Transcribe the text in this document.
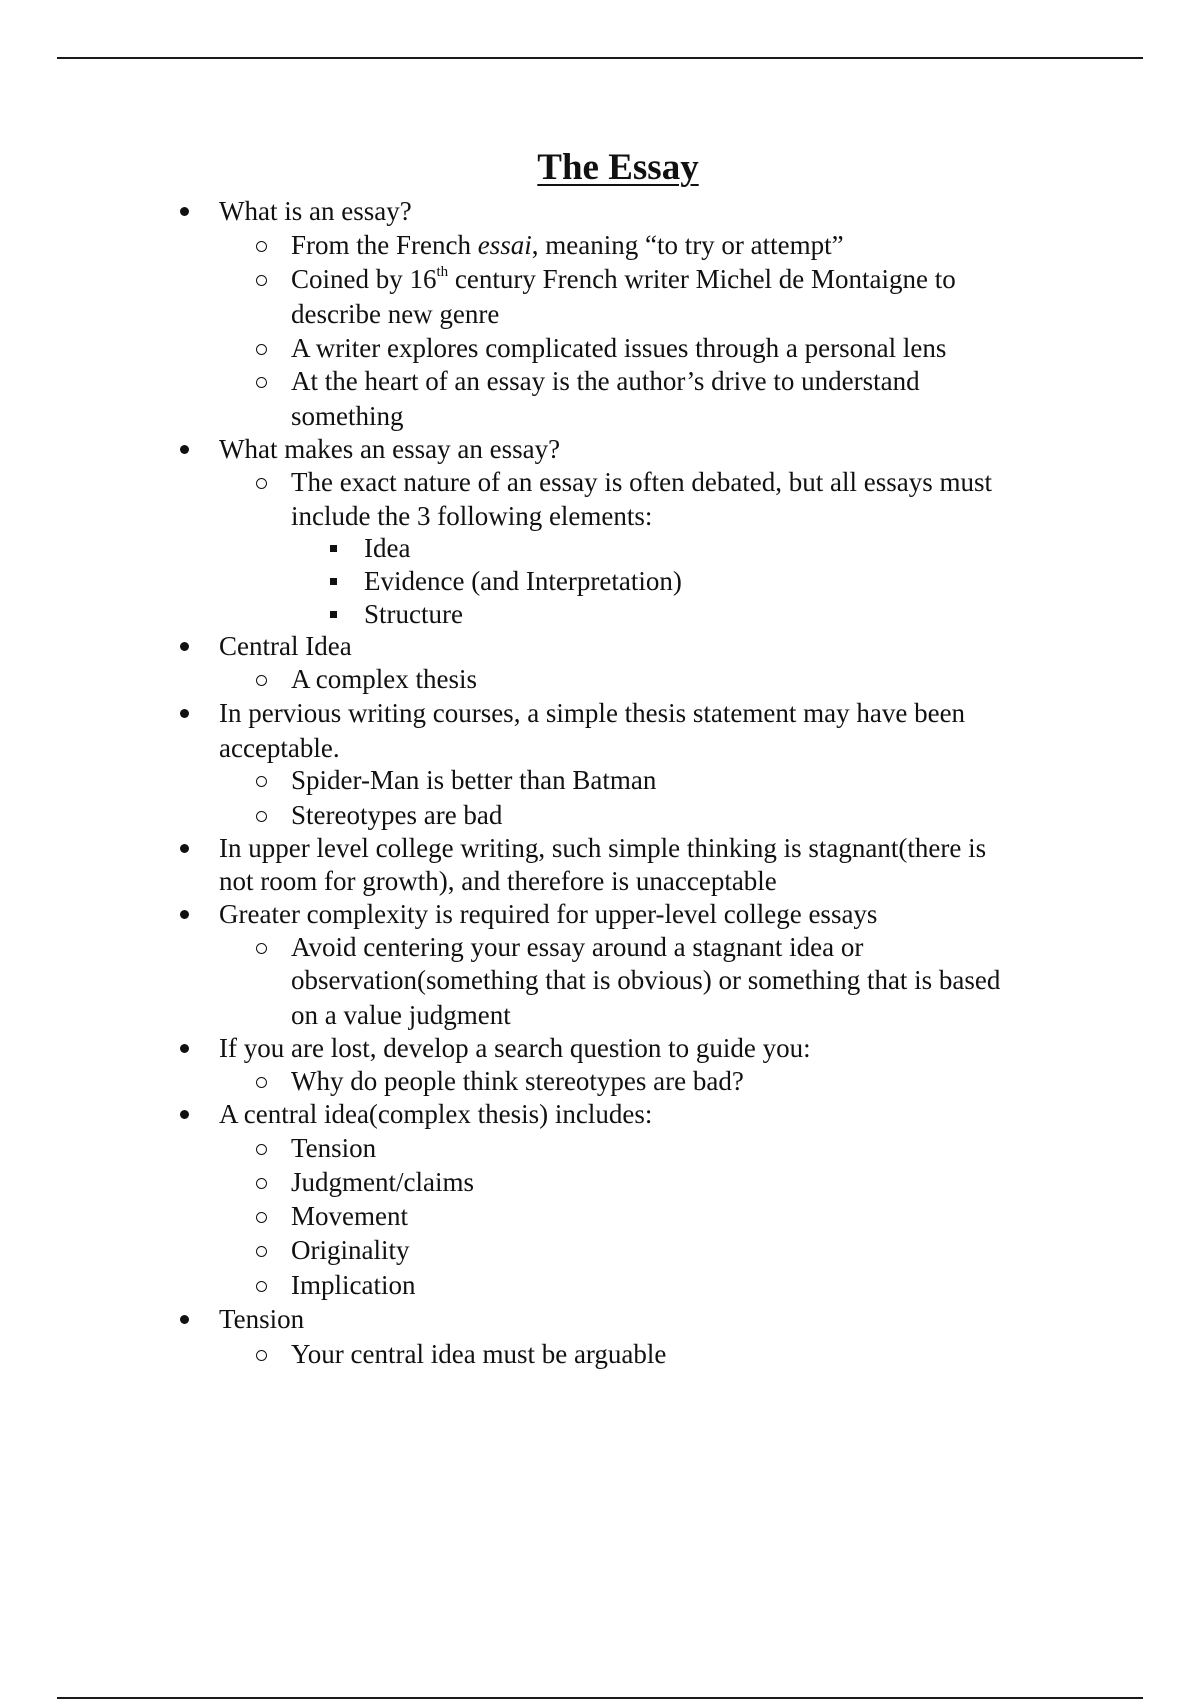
The Essay
What is an essay?
From the French essai, meaning “to try or attempt”
Coined by 16th century French writer Michel de Montaigne to
describe new genre
A writer explores complicated issues through a personal lens
At the heart of an essay is the author’s drive to understand
something
What makes an essay an essay?
The exact nature of an essay is often debated, but all essays must
include the 3 following elements:
Idea
Evidence (and Interpretation)
Structure
Central Idea
A complex thesis
In pervious writing courses, a simple thesis statement may have been
acceptable.
Spider-Man is better than Batman
Stereotypes are bad
In upper level college writing, such simple thinking is stagnant(there is
not room for growth), and therefore is unacceptable
Greater complexity is required for upper-level college essays
Avoid centering your essay around a stagnant idea or
observation(something that is obvious) or something that is based
on a value judgment
If you are lost, develop a search question to guide you:
Why do people think stereotypes are bad?
A central idea(complex thesis) includes:
Tension
Judgment/claims
Movement
Originality
Implication
Tension
Your central idea must be arguable
